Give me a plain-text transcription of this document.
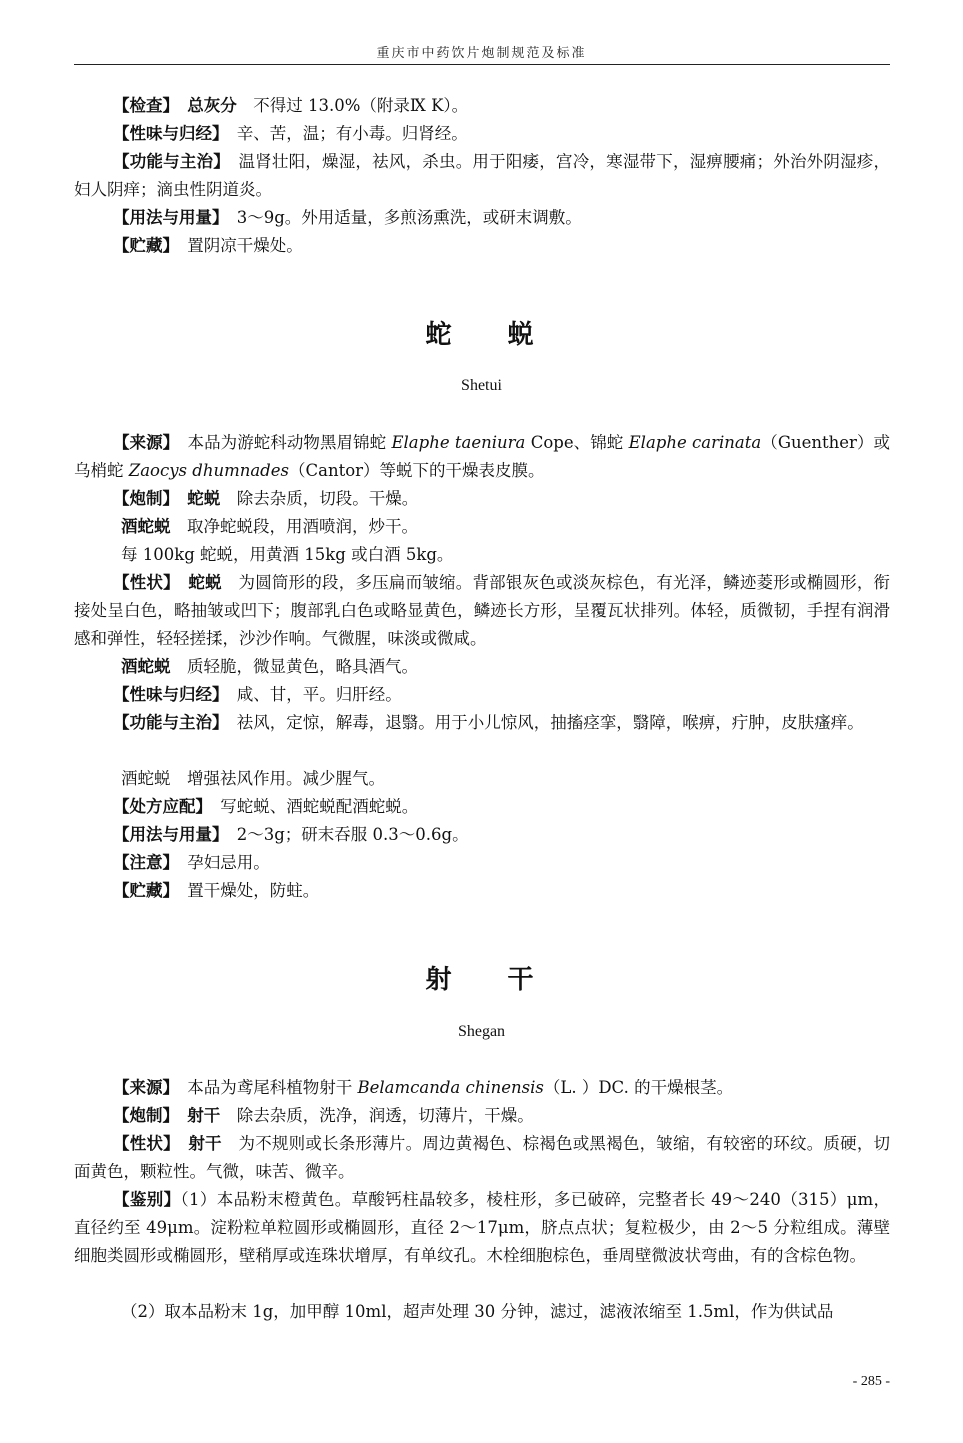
重庆市中药饮片炮制规范及标准
【检查】　 总灰分　 不得过 13.0%（附录Ⅸ K）。
【性味与归经】　 辛、苦，温；有小毒。归肾经。
【功能与主治】　 温肾壮阳，燥湿，祛风，杀虫。用于阳痿，宫冷，寒湿带下，湿痹腰痛；外治外阴湿疹，妇人阴痒；滴虫性阴道炎。
【用法与用量】　 3～9g。外用适量，多煎汤熏洗，或研末调敷。
【贮藏】　 置阴凉干燥处。
蛇 蜕
Shetui
【来源】　 本品为游蛇科动物黑眉锦蛇 Elaphe taeniura Cope、锦蛇 Elaphe carinata（Guenther）或乌梢蛇 Zaocys dhumnades（Cantor）等蜕下的干燥表皮膜。
【炮制】　 蛇蜕　 除去杂质，切段。干燥。
酒蛇蜕　 取净蛇蜕段，用酒喷润，炒干。
每 100kg 蛇蜕，用黄酒 15kg 或白酒 5kg。
【性状】　 蛇蜕　 为圆筒形的段，多压扁而皱缩。背部银灰色或淡灰棕色，有光泽，鳞迹菱形或椭圆形，衔接处呈白色，略抽皱或凹下；腹部乳白色或略显黄色，鳞迹长方形，呈覆瓦状排列。体轻，质微韧，手捏有润滑感和弹性，轻轻搓揉，沙沙作响。气微腥，味淡或微咸。
酒蛇蜕　 质轻脆，微显黄色，略具酒气。
【性味与归经】　 咸、甘，平。归肝经。
【功能与主治】　 祛风，定惊，解毒，退翳。用于小儿惊风，抽搐痉挛，翳障，喉痹，疔肿，皮肤瘙痒。
酒蛇蜕　增强祛风作用。减少腥气。
【处方应配】　 写蛇蜕、酒蛇蜕配酒蛇蜕。
【用法与用量】　 2～3g；研末吞服 0.3～0.6g。
【注意】　 孕妇忌用。
【贮藏】　 置干燥处，防蛀。
射 干
Shegan
【来源】　 本品为鸢尾科植物射干 Belamcanda chinensis（L. ）DC. 的干燥根茎。
【炮制】　 射干　 除去杂质，洗净，润透，切薄片，干燥。
【性状】　 射干　 为不规则或长条形薄片。周边黄褐色、棕褐色或黑褐色，皱缩，有较密的环纹。质硬，切面黄色，颗粒性。气微，味苦、微辛。
【鉴别】（1）本品粉末橙黄色。草酸钙柱晶较多，棱柱形，多已破碎，完整者长 49～240（315）μm，直径约至 49μm。淀粉粒单粒圆形或椭圆形，直径 2～17μm，脐点点状；复粒极少，由 2～5 分粒组成。薄壁细胞类圆形或椭圆形，壁稍厚或连珠状增厚，有单纹孔。木栓细胞棕色，垂周壁微波状弯曲，有的含棕色物。
（2）取本品粉末 1g，加甲醇 10ml，超声处理 30 分钟，滤过，滤液浓缩至 1.5ml，作为供试品
- 285 -
